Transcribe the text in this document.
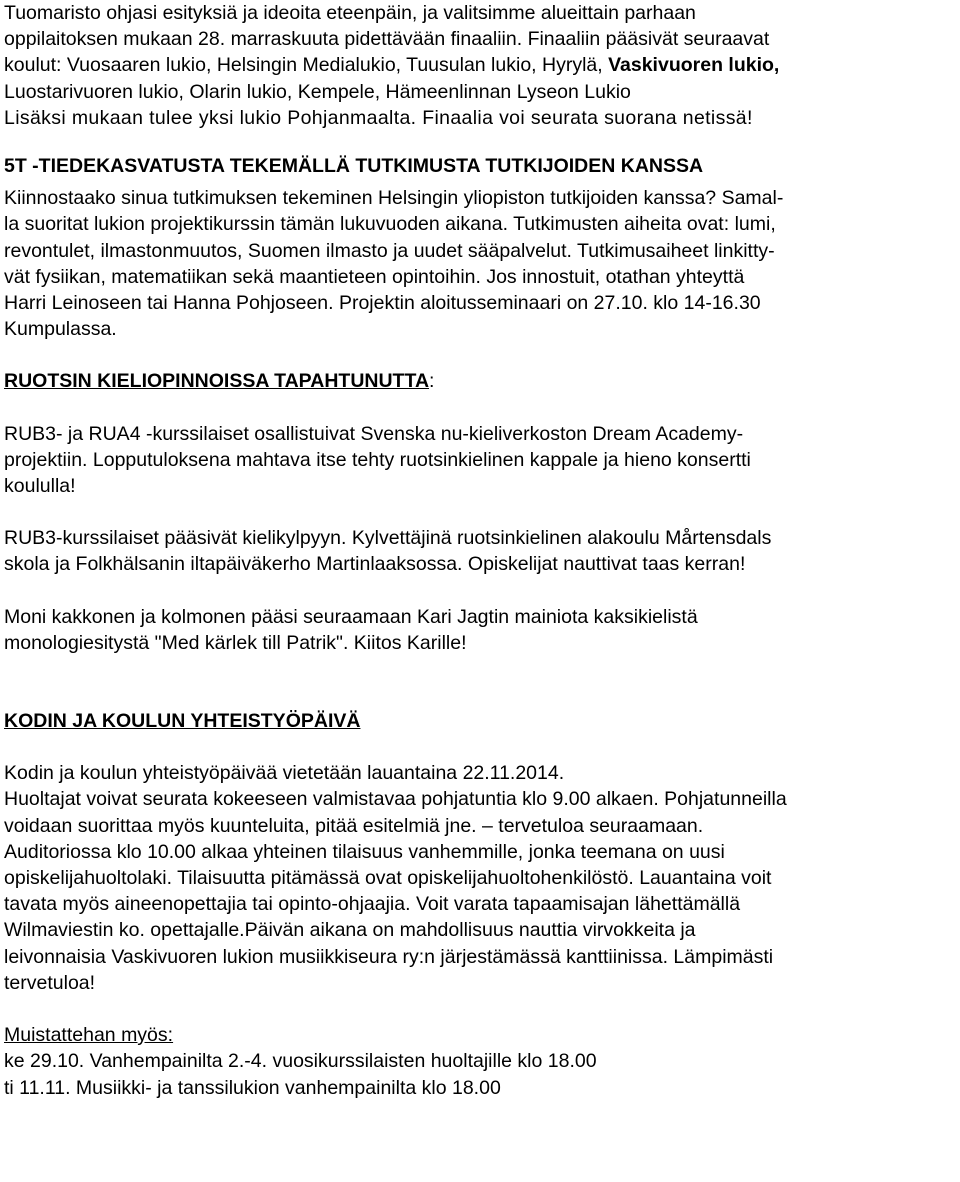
Tuomaristo ohjasi esityksiä ja ideoita eteenpäin, ja valitsimme alueittain parhaan
oppilaitoksen mukaan 28. marraskuuta pidettävään finaaliin. Finaaliin pääsivät seuraavat
koulut: Vuosaaren lukio, Helsingin Medialukio, Tuusulan lukio, Hyrylä, Vaskivuoren lukio,
Luostarivuoren lukio, Olarin lukio, Kempele, Hämeenlinnan Lyseon Lukio
Lisäksi mukaan tulee yksi lukio Pohjanmaalta. Finaalia voi seurata suorana netissä!
5T -TIEDEKASVATUSTA TEKEMÄLLÄ TUTKIMUSTA TUTKIJOIDEN KANSSA
Kiinnostaako sinua tutkimuksen tekeminen Helsingin yliopiston tutkijoiden kanssa? Samal-
la suoritat lukion projektikurssin tämän lukuvuoden aikana. Tutkimusten aiheita ovat: lumi,
revontulet, ilmastonmuutos, Suomen ilmasto ja uudet sääpalvelut. Tutkimusaiheet linkitty-
vät fysiikan, matematiikan sekä maantieteen opintoihin. Jos innostuit, otathan yhteyttä
Harri Leinoseen tai Hanna Pohjoseen. Projektin aloitusseminaari on 27.10. klo 14-16.30
Kumpulassa.
RUOTSIN KIELIOPINNOISSA TAPAHTUNUTTA:
RUB3- ja RUA4 -kurssilaiset osallistuivat Svenska nu-kieliverkoston Dream Academy-
projektiin. Lopputuloksena mahtava itse tehty ruotsinkielinen kappale ja hieno konsertti
koululla!
RUB3-kurssilaiset pääsivät kielikylpyyn. Kylvettäjinä ruotsinkielinen alakoulu Mårtensdals
skola ja Folkhälsanin iltapäiväkerho Martinlaaksossa. Opiskelijat nauttivat taas kerran!
Moni kakkonen ja kolmonen pääsi seuraamaan Kari Jagtin mainiota kaksikielistä
monologiesitystä "Med kärlek till Patrik". Kiitos Karille!
KODIN JA KOULUN YHTEISTYÖPÄIVÄ
Kodin ja koulun yhteistyöpäivää vietetään lauantaina 22.11.2014.
Huoltajat voivat seurata kokeeseen valmistavaa pohjatuntia klo 9.00 alkaen. Pohjatunneilla
voidaan suorittaa myös kuunteluita, pitää esitelmiä jne. – tervetuloa seuraamaan.
Auditoriossa klo 10.00 alkaa yhteinen tilaisuus vanhemmille, jonka teemana on uusi
opiskelijahuoltolaki. Tilaisuutta pitämässä ovat opiskelijahuoltohenkilöstö. Lauantaina voit
tavata myös aineenopettajia tai opinto-ohjaajia. Voit varata tapaamisajan lähettämällä
Wilmaviestin ko. opettajalle.Päivän aikana on mahdollisuus nauttia virvokkeita ja
leivonnaisia Vaskivuoren lukion musiikkiseura ry:n järjestämässä kanttiinissa. Lämpimästi
tervetuloa!
Muistattehan myös:
ke 29.10. Vanhempainilta 2.-4. vuosikurssilaisten huoltajille klo 18.00
ti 11.11. Musiikki- ja tanssilukion vanhempainilta klo 18.00
